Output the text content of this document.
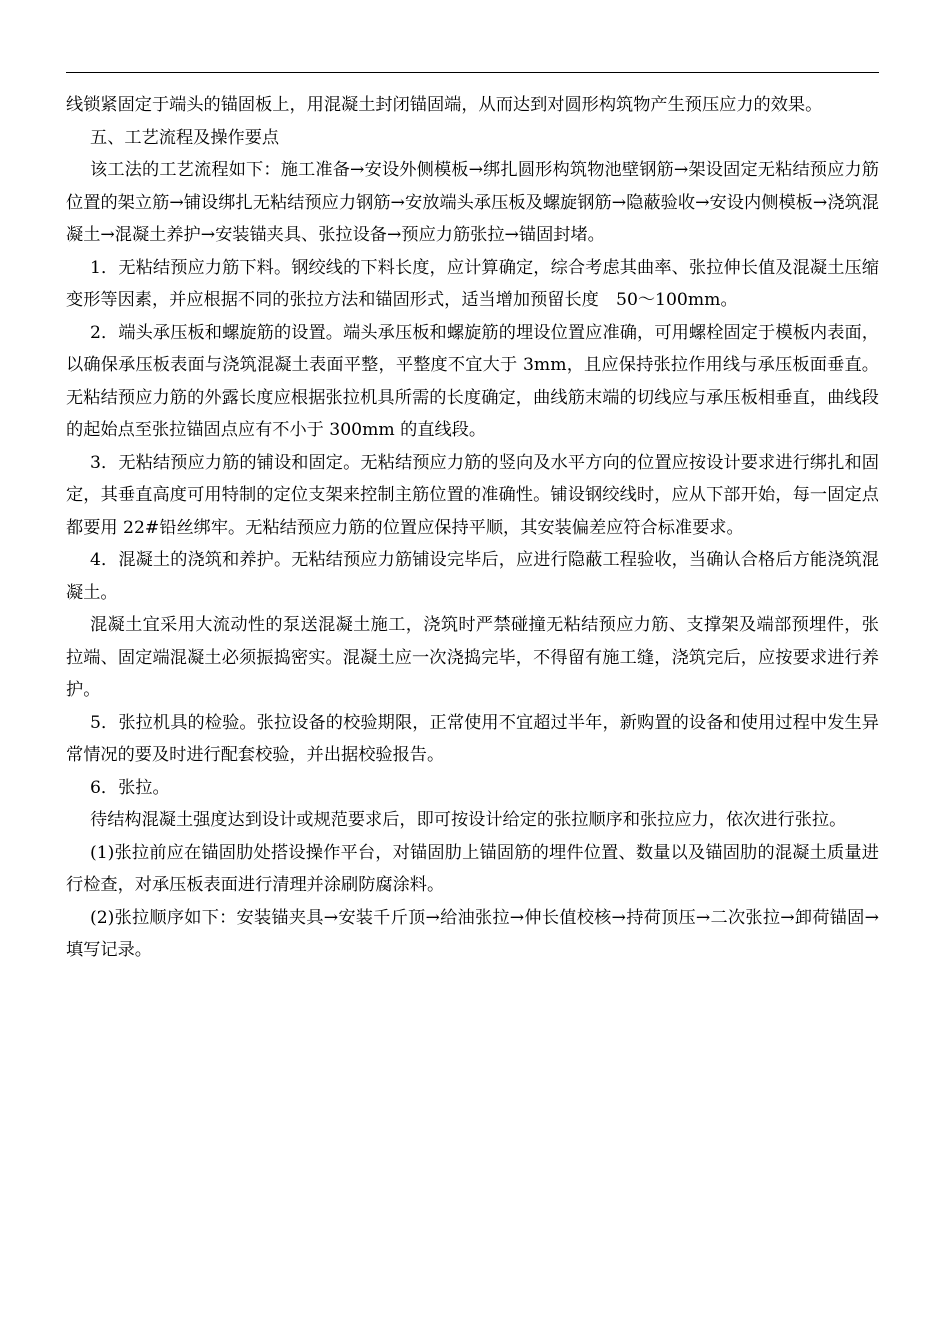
线锁紧固定于端头的锚固板上，用混凝土封闭锚固端，从而达到对圆形构筑物产生预压应力的效果。

五、工艺流程及操作要点

该工法的工艺流程如下：施工准备→安设外侧模板→绑扎圆形构筑物池壁钢筋→架设固定无粘结预应力筋位置的架立筋→铺设绑扎无粘结预应力钢筋→安放端头承压板及螺旋钢筋→隐蔽验收→安设内侧模板→浇筑混凝土→混凝土养护→安装锚夹具、张拉设备→预应力筋张拉→锚固封堵。

1．无粘结预应力筋下料。钢绞线的下料长度，应计算确定，综合考虑其曲率、张拉伸长值及混凝土压缩变形等因素，并应根据不同的张拉方法和锚固形式，适当增加预留长度　50～100mm。

2．端头承压板和螺旋筋的设置。端头承压板和螺旋筋的埋设位置应准确，可用螺栓固定于模板内表面，以确保承压板表面与浇筑混凝土表面平整，平整度不宜大于 3mm，且应保持张拉作用线与承压板面垂直。无粘结预应力筋的外露长度应根据张拉机具所需的长度确定，曲线筋末端的切线应与承压板相垂直，曲线段的起始点至张拉锚固点应有不小于 300mm 的直线段。

3．无粘结预应力筋的铺设和固定。无粘结预应力筋的竖向及水平方向的位置应按设计要求进行绑扎和固定，其垂直高度可用特制的定位支架来控制主筋位置的准确性。铺设钢绞线时，应从下部开始，每一固定点都要用 22#铅丝绑牢。无粘结预应力筋的位置应保持平顺，其安装偏差应符合标准要求。

4．混凝土的浇筑和养护。无粘结预应力筋铺设完毕后，应进行隐蔽工程验收，当确认合格后方能浇筑混凝土。

混凝土宜采用大流动性的泵送混凝土施工，浇筑时严禁碰撞无粘结预应力筋、支撑架及端部预埋件，张拉端、固定端混凝土必须振捣密实。混凝土应一次浇捣完毕，不得留有施工缝，浇筑完后，应按要求进行养护。

5．张拉机具的检验。张拉设备的校验期限，正常使用不宜超过半年，新购置的设备和使用过程中发生异常情况的要及时进行配套校验，并出据校验报告。

6．张拉。

待结构混凝土强度达到设计或规范要求后，即可按设计给定的张拉顺序和张拉应力，依次进行张拉。

(1)张拉前应在锚固肋处搭设操作平台，对锚固肋上锚固筋的埋件位置、数量以及锚固肋的混凝土质量进行检查，对承压板表面进行清理并涂刷防腐涂料。

(2)张拉顺序如下：安装锚夹具→安装千斤顶→给油张拉→伸长值校核→持荷顶压→二次张拉→卸荷锚固→填写记录。
